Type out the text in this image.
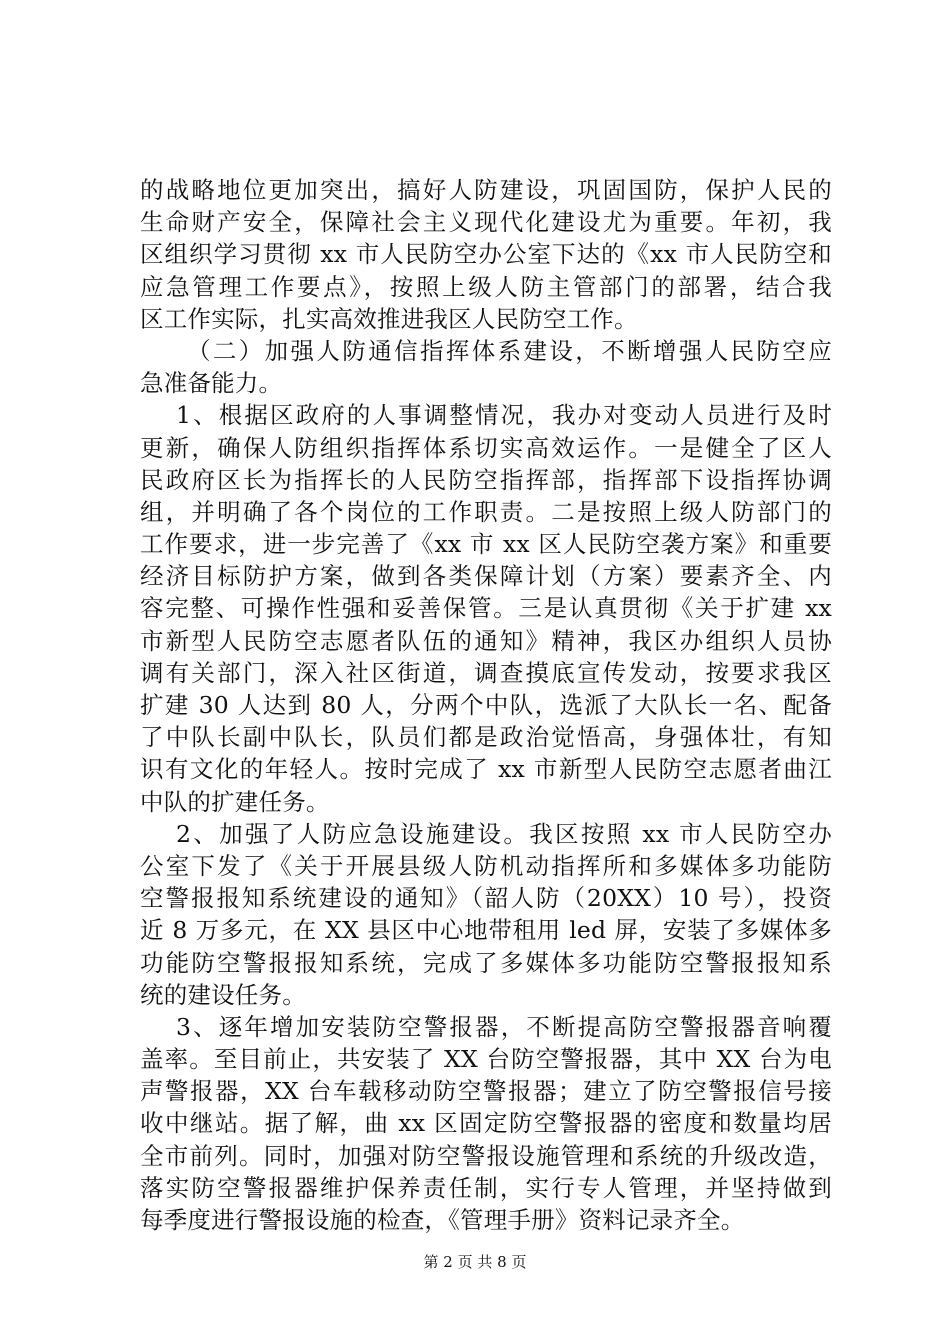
的战略地位更加突出，搞好人防建设，巩固国防，保护人民的
生命财产安全，保障社会主义现代化建设尤为重要。年初，我
区组织学习贯彻 xx 市人民防空办公室下达的《xx 市人民防空和
应急管理工作要点》，按照上级人防主管部门的部署，结合我
区工作实际，扎实高效推进我区人民防空工作。
（二）加强人防通信指挥体系建设，不断增强人民防空应
急准备能力。
1、根据区政府的人事调整情况，我办对变动人员进行及时
更新，确保人防组织指挥体系切实高效运作。一是健全了区人
民政府区长为指挥长的人民防空指挥部，指挥部下设指挥协调
组，并明确了各个岗位的工作职责。二是按照上级人防部门的
工作要求，进一步完善了《xx 市 xx 区人民防空袭方案》和重要
经济目标防护方案，做到各类保障计划（方案）要素齐全、内
容完整、可操作性强和妥善保管。三是认真贯彻《关于扩建 xx
市新型人民防空志愿者队伍的通知》精神，我区办组织人员协
调有关部门，深入社区街道，调查摸底宣传发动，按要求我区
扩建 30 人达到 80 人，分两个中队，选派了大队长一名、配备
了中队长副中队长，队员们都是政治觉悟高，身强体壮，有知
识有文化的年轻人。按时完成了 xx 市新型人民防空志愿者曲江
中队的扩建任务。
2、加强了人防应急设施建设。我区按照 xx 市人民防空办
公室下发了《关于开展县级人防机动指挥所和多媒体多功能防
空警报报知系统建设的通知》（韶人防（20XX）10 号），投资
近 8 万多元，在 XX 县区中心地带租用 led 屏，安装了多媒体多
功能防空警报报知系统，完成了多媒体多功能防空警报报知系
统的建设任务。
3、逐年增加安装防空警报器，不断提高防空警报器音响覆
盖率。至目前止，共安装了 XX 台防空警报器，其中 XX 台为电
声警报器，XX 台车载移动防空警报器；建立了防空警报信号接
收中继站。据了解，曲 xx 区固定防空警报器的密度和数量均居
全市前列。同时，加强对防空警报设施管理和系统的升级改造，
落实防空警报器维护保养责任制，实行专人管理，并坚持做到
每季度进行警报设施的检查，《管理手册》资料记录齐全。
第 2 页 共 8 页
